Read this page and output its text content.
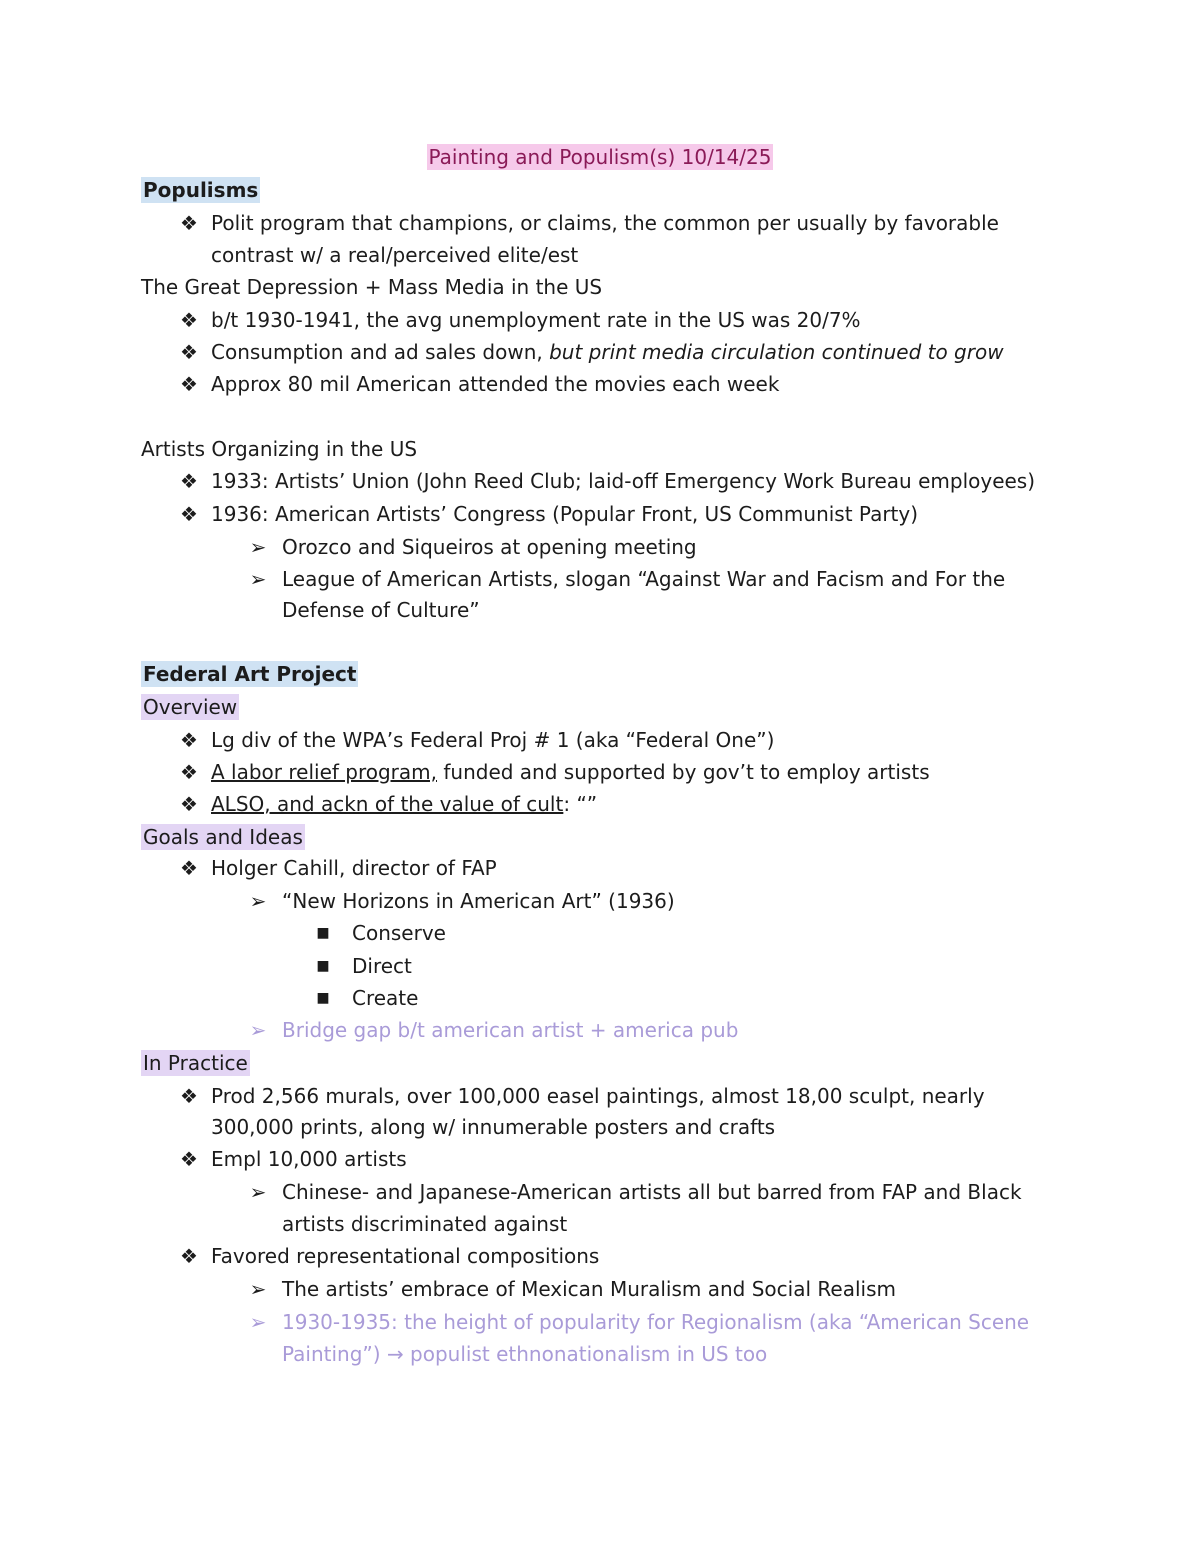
Painting and Populism(s) 10/14/25
Populisms
❖ Polit program that champions, or claims, the common per usually by favorable
contrast w/ a real/perceived elite/est
The Great Depression + Mass Media in the US
❖ b/t 1930-1941, the avg unemployment rate in the US was 20/7%
❖ Consumption and ad sales down, but print media circulation continued to grow
❖ Approx 80 mil American attended the movies each week
Artists Organizing in the US
❖ 1933: Artists’ Union (John Reed Club; laid-off Emergency Work Bureau employees)
❖ 1936: American Artists’ Congress (Popular Front, US Communist Party)
➢ Orozco and Siqueiros at opening meeting
➢ League of American Artists, slogan “Against War and Facism and For the
Defense of Culture”
Federal Art Project
Overview
❖ Lg div of the WPA’s Federal Proj # 1 (aka “Federal One”)
❖ A labor relief program, funded and supported by gov’t to employ artists
❖ ALSO, and ackn of the value of cult: “”
Goals and Ideas
❖ Holger Cahill, director of FAP
➢ “New Horizons in American Art” (1936)
■ Conserve
■ Direct
■ Create
➢ Bridge gap b/t american artist + america pub
In Practice
❖ Prod 2,566 murals, over 100,000 easel paintings, almost 18,00 sculpt, nearly
300,000 prints, along w/ innumerable posters and crafts
❖ Empl 10,000 artists
➢ Chinese- and Japanese-American artists all but barred from FAP and Black
artists discriminated against
❖ Favored representational compositions
➢ The artists’ embrace of Mexican Muralism and Social Realism
➢ 1930-1935: the height of popularity for Regionalism (aka “American Scene
Painting”) → populist ethnonationalism in US too
